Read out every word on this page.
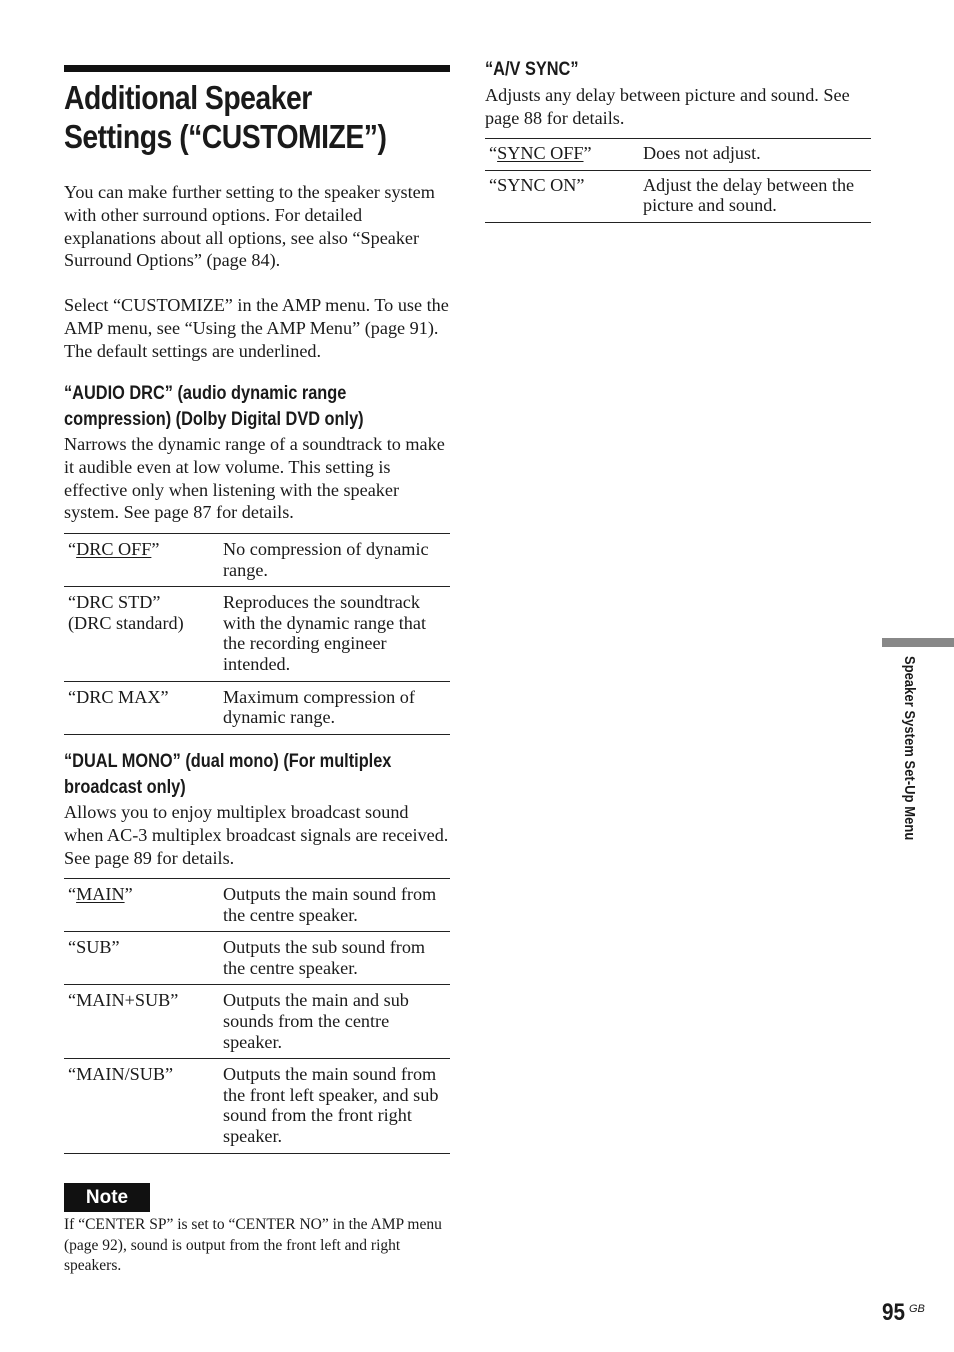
Additional Speaker
Settings (“CUSTOMIZE”)

You can make further setting to the speaker system with other surround options. For detailed explanations about all options, see also “Speaker Surround Options” (page 84).

Select “CUSTOMIZE” in the AMP menu. To use the AMP menu, see “Using the AMP Menu” (page 91). The default settings are underlined.

“AUDIO DRC” (audio dynamic range
compression) (Dolby Digital DVD only)

Narrows the dynamic range of a soundtrack to make it audible even at low volume. This setting is effective only when listening with the speaker system. See page 87 for details.

“DRC OFF”	No compression of dynamic range.
“DRC STD”
(DRC standard)	Reproduces the soundtrack with the dynamic range that the recording engineer intended.
“DRC MAX”	Maximum compression of dynamic range.
“DUAL MONO” (dual mono) (For multiplex
broadcast only)

Allows you to enjoy multiplex broadcast sound when AC-3 multiplex broadcast signals are received. See page 89 for details.

“MAIN”	Outputs the main sound from the centre speaker.
“SUB”	Outputs the sub sound from the centre speaker.
“MAIN+SUB”	Outputs the main and sub sounds from the centre speaker.
“MAIN/SUB”	Outputs the main sound from the front left speaker, and sub sound from the front right speaker.
Note

If “CENTER SP” is set to “CENTER NO” in the AMP menu (page 92), sound is output from the front left and right speakers.

“A/V SYNC”

Adjusts any delay between picture and sound. See page 88 for details.

“SYNC OFF”	Does not adjust.
“SYNC ON”	Adjust the delay between the picture and sound.
Speaker System Set-Up Menu
95 GB
